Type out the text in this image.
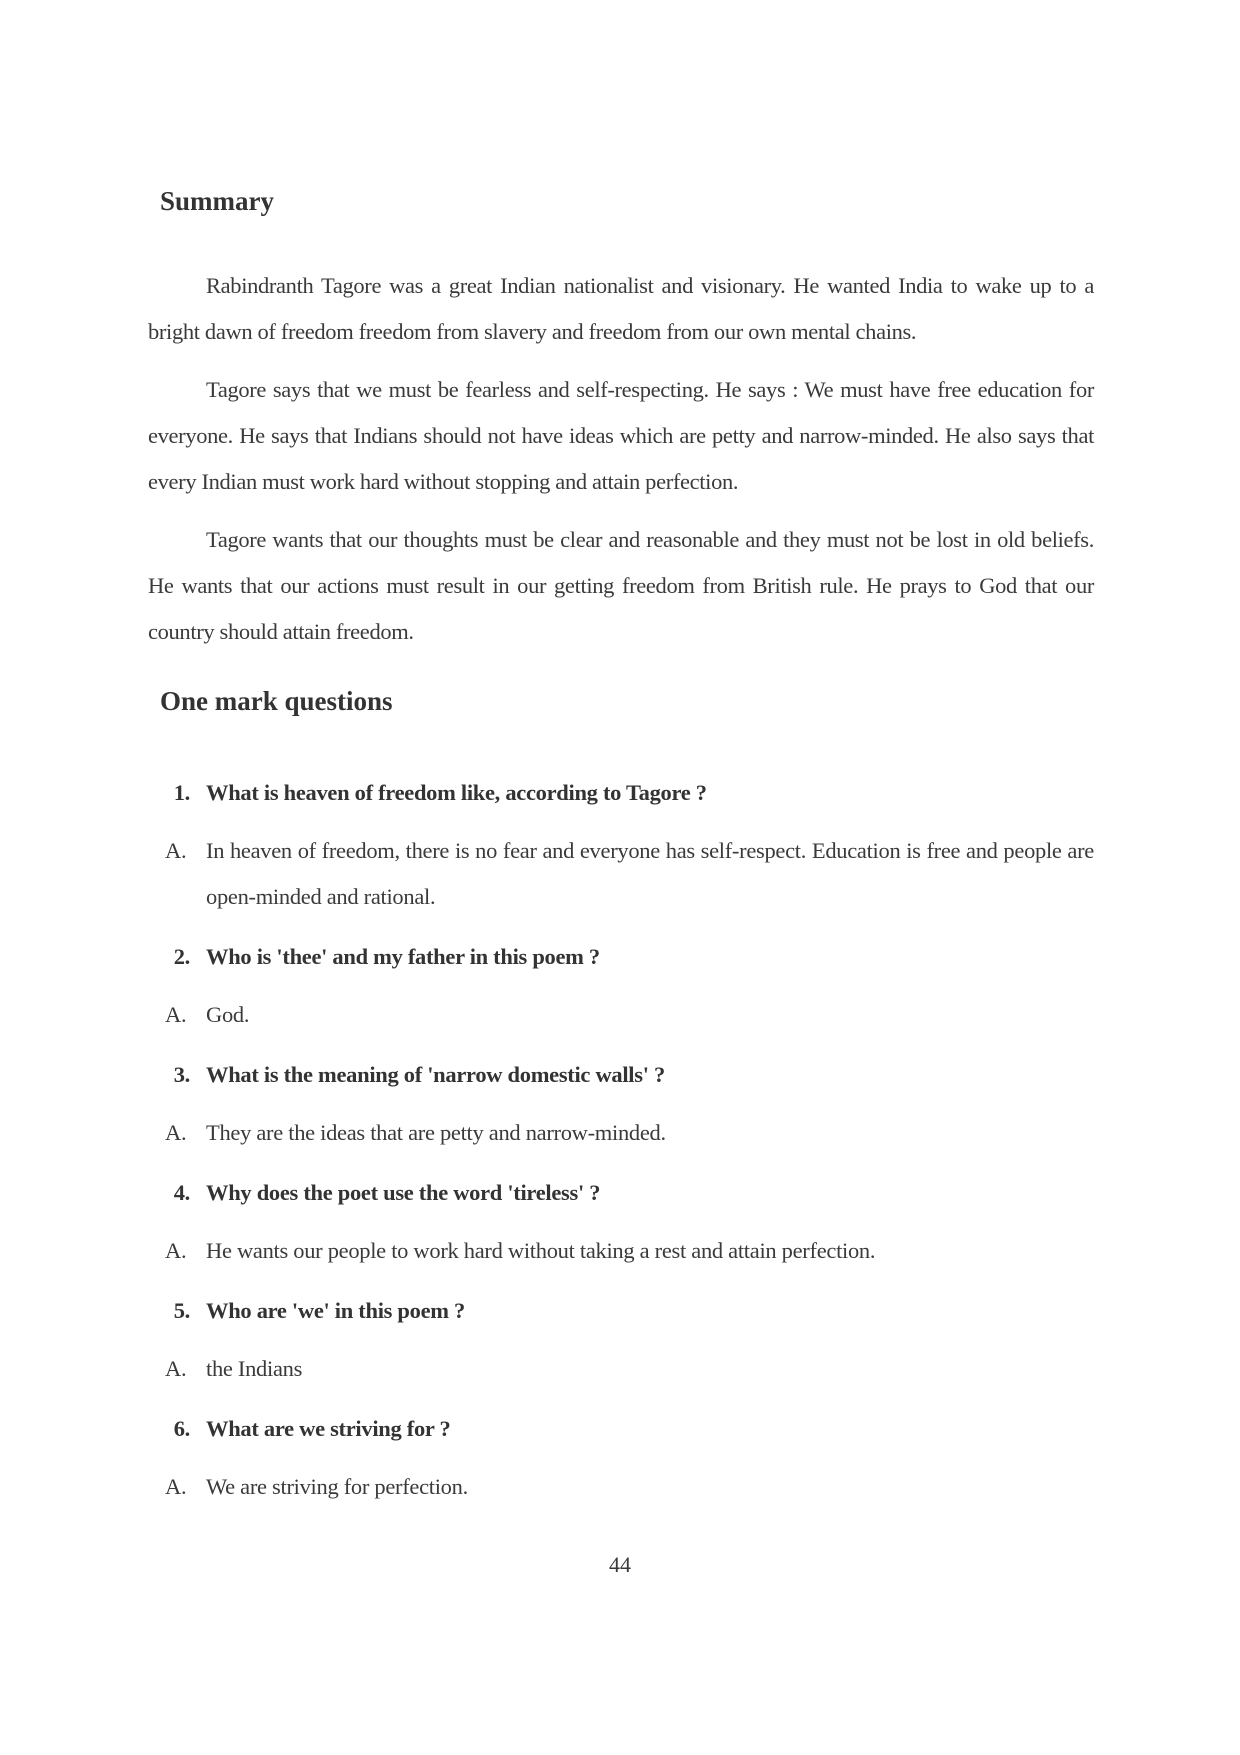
Summary

Rabindranth Tagore was a great Indian nationalist and visionary. He wanted India to wake up to a bright dawn of freedom freedom from slavery and freedom from our own mental chains.

Tagore says that we must be fearless and self-respecting. He says : We must have free education for everyone. He says that Indians should not have ideas which are petty and narrow-minded. He also says that every Indian must work hard without stopping and attain perfection.

Tagore wants that our thoughts must be clear and reasonable and they must not be lost in old beliefs. He wants that our actions must result in our getting freedom from British rule. He prays to God that our country should attain freedom.

One mark questions
1. What is heaven of freedom like, according to Tagore ?
A. In heaven of freedom, there is no fear and everyone has self-respect. Education is free and people are open-minded and rational.
2. Who is 'thee' and my father in this poem ?
A. God.
3. What is the meaning of 'narrow domestic walls' ?
A. They are the ideas that are petty and narrow-minded.
4. Why does the poet use the word 'tireless' ?
A. He wants our people to work hard without taking a rest and attain perfection.
5. Who are 'we' in this poem ?
A. the Indians
6. What are we striving for ?
A. We are striving for perfection.
44
